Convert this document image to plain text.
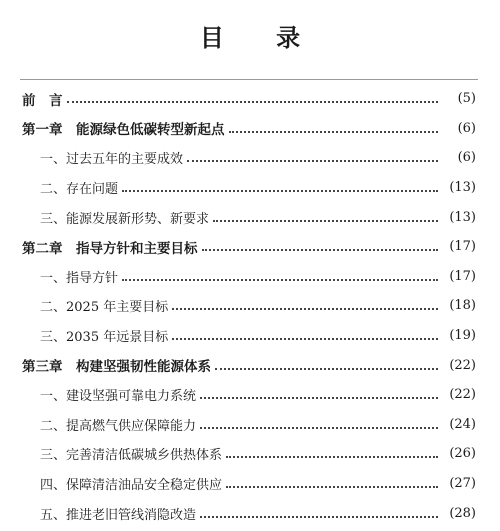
目 录
前　言	(5)
第一章　能源绿色低碳转型新起点	(6)
一、过去五年的主要成效	(6)
二、存在问题	(13)
三、能源发展新形势、新要求	(13)
第二章　指导方针和主要目标	(17)
一、指导方针	(17)
二、2025 年主要目标	(18)
三、2035 年远景目标	(19)
第三章　构建坚强韧性能源体系	(22)
一、建设坚强可靠电力系统	(22)
二、提高燃气供应保障能力	(24)
三、完善清洁低碳城乡供热体系	(26)
四、保障清洁油品安全稳定供应	(27)
五、推进老旧管线消隐改造	(28)
